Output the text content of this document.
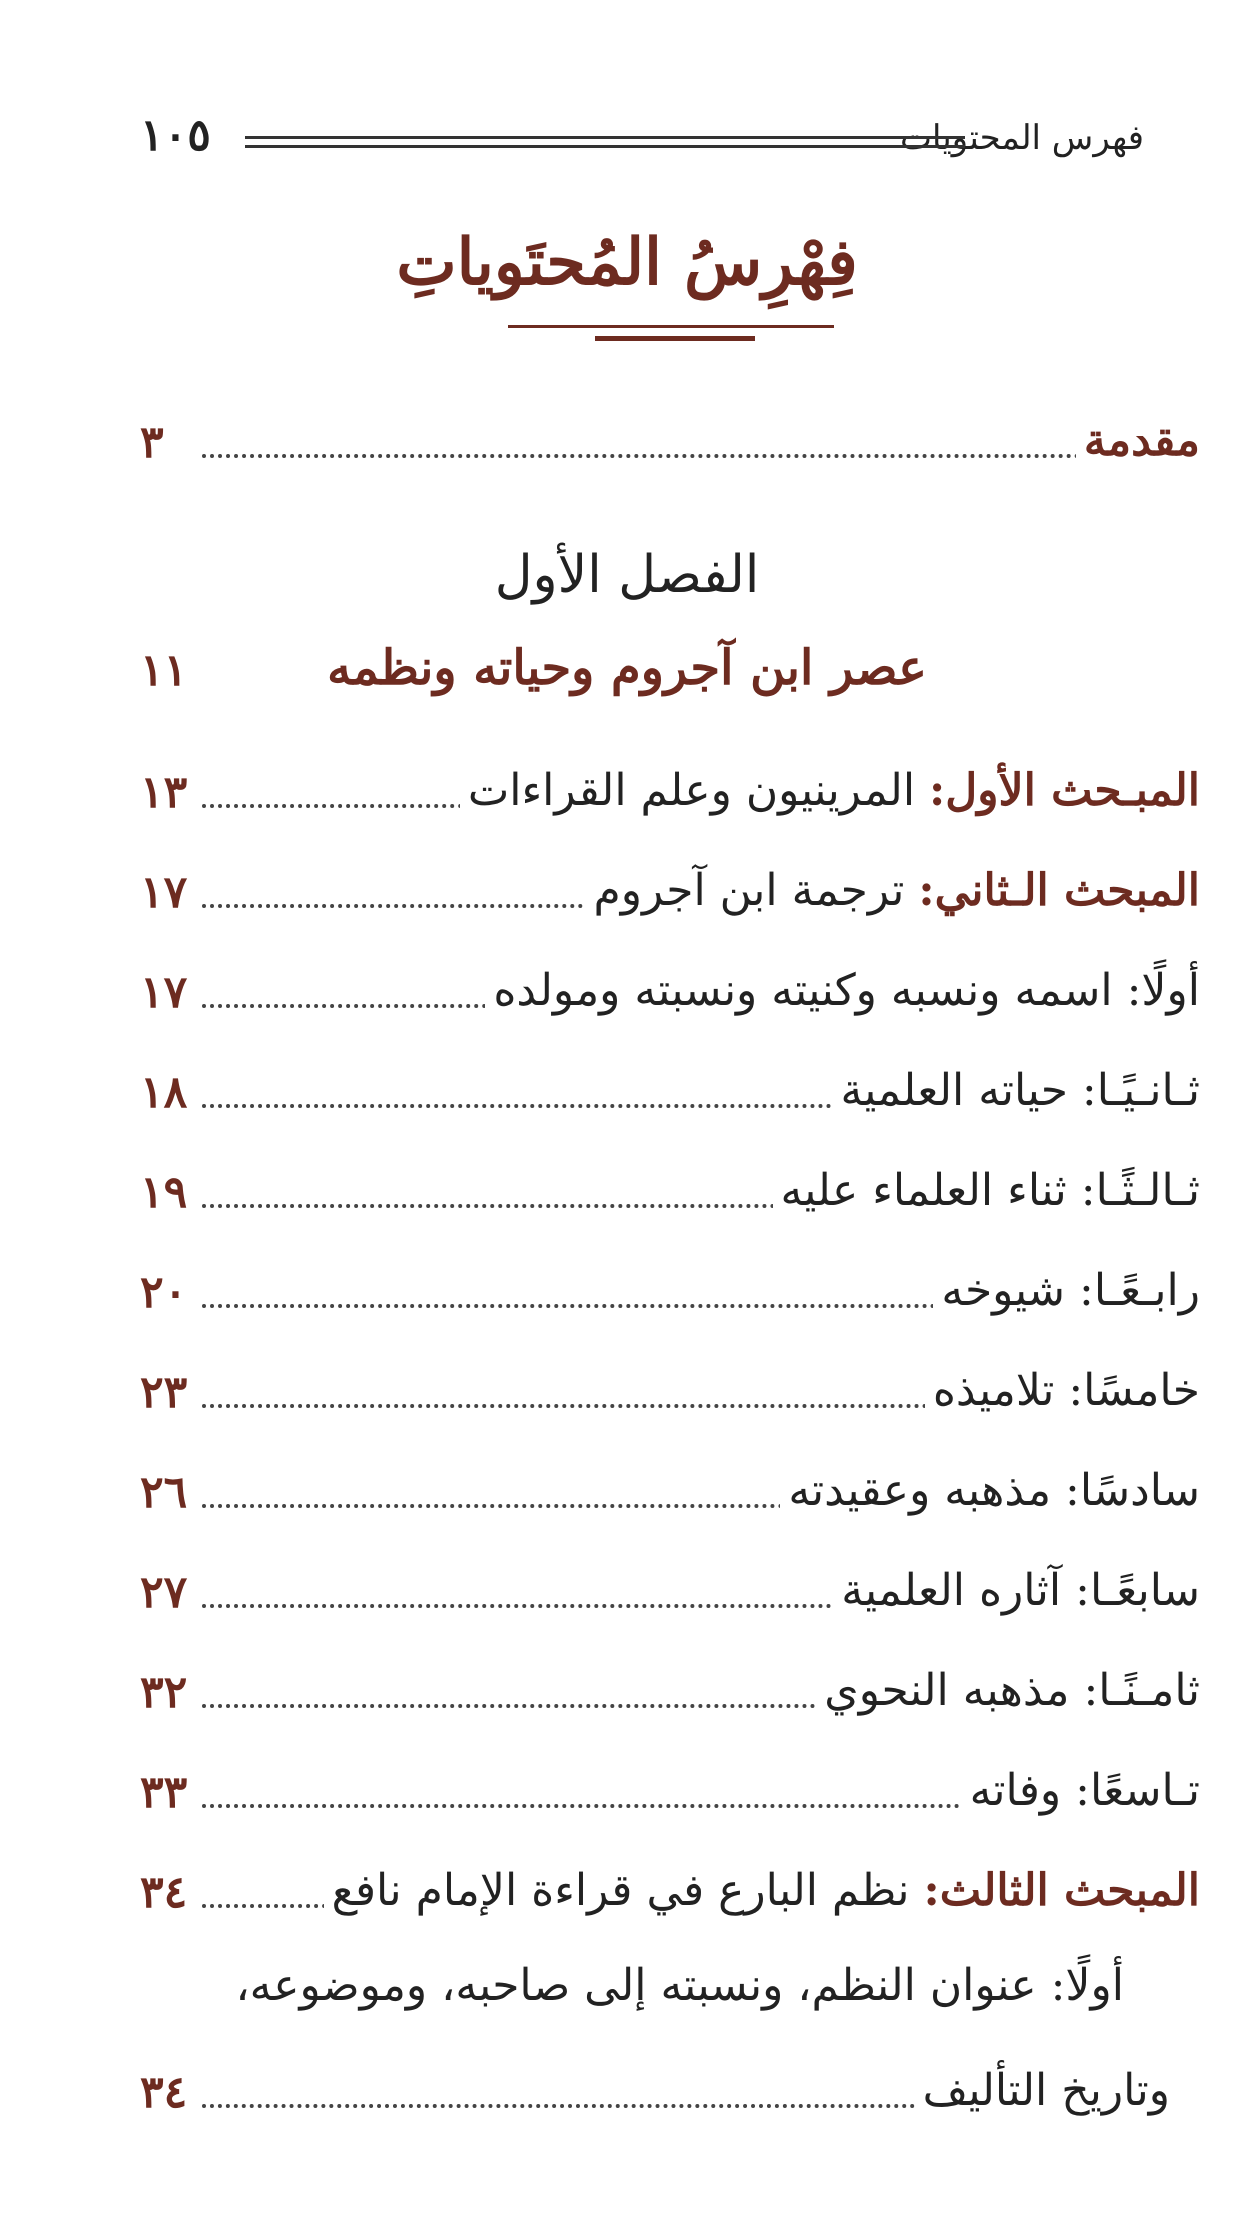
فهرس المحتويات
١٠٥
فِهْرِسُ المُحتَوياتِ
مقدمة
٣
الفصل الأول
عصر ابن آجروم وحياته ونظمه
١١
المبـحث الأول: المرينيون وعلم القراءات
١٣
المبحث الـثاني: ترجمة ابن آجروم
١٧
أولًا: اسمه ونسبه وكنيته ونسبته ومولده
١٧
ثـانـيًـا: حياته العلمية
١٨
ثـالـثًـا: ثناء العلماء عليه
١٩
رابـعًـا: شيوخه
٢٠
خامسًا: تلاميذه
٢٣
سادسًا: مذهبه وعقيدته
٢٦
سابعًـا: آثاره العلمية
٢٧
ثامـنًـا: مذهبه النحوي
٣٢
تـاسعًا: وفاته
٣٣
المبحث الثالث: نظم البارع في قراءة الإمام نافع
٣٤
أولًا: عنوان النظم، ونسبته إلى صاحبه، وموضوعه،
وتاريخ التأليف
٣٤
